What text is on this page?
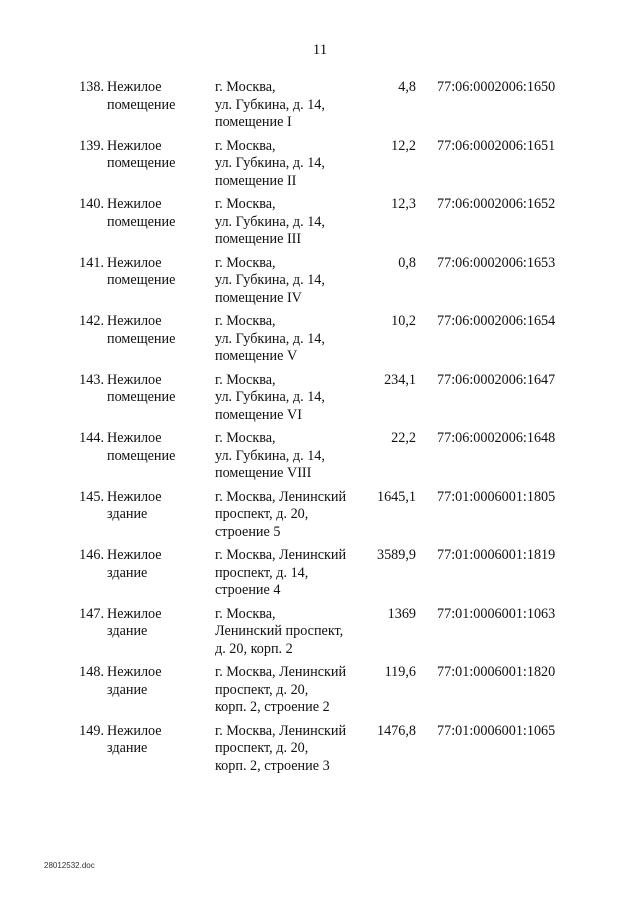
11
138. Нежилое
помещение
г. Москва,
ул. Губкина, д. 14,
помещение I
4,8 77:06:0002006:1650
139. Нежилое
помещение
г. Москва,
ул. Губкина, д. 14,
помещение II
12,2 77:06:0002006:1651
140. Нежилое
помещение
г. Москва,
ул. Губкина, д. 14,
помещение III
12,3 77:06:0002006:1652
141. Нежилое
помещение
г. Москва,
ул. Губкина, д. 14,
помещение IV
0,8 77:06:0002006:1653
142. Нежилое
помещение
г. Москва,
ул. Губкина, д. 14,
помещение V
10,2 77:06:0002006:1654
143. Нежилое
помещение
г. Москва,
ул. Губкина, д. 14,
помещение VI
234,1 77:06:0002006:1647
144. Нежилое
помещение
г. Москва,
ул. Губкина, д. 14,
помещение VIII
22,2 77:06:0002006:1648
145. Нежилое
здание
г. Москва, Ленинский
проспект, д. 20,
строение 5
1645,1 77:01:0006001:1805
146. Нежилое
здание
г. Москва, Ленинский
проспект, д. 14,
строение 4
3589,9 77:01:0006001:1819
147. Нежилое
здание
г. Москва,
Ленинский проспект,
д. 20, корп. 2
1369 77:01:0006001:1063
148. Нежилое
здание
г. Москва, Ленинский
проспект, д. 20,
корп. 2, строение 2
119,6 77:01:0006001:1820
149. Нежилое
здание
г. Москва, Ленинский
проспект, д. 20,
корп. 2, строение 3
1476,8 77:01:0006001:1065
28012532.doc
